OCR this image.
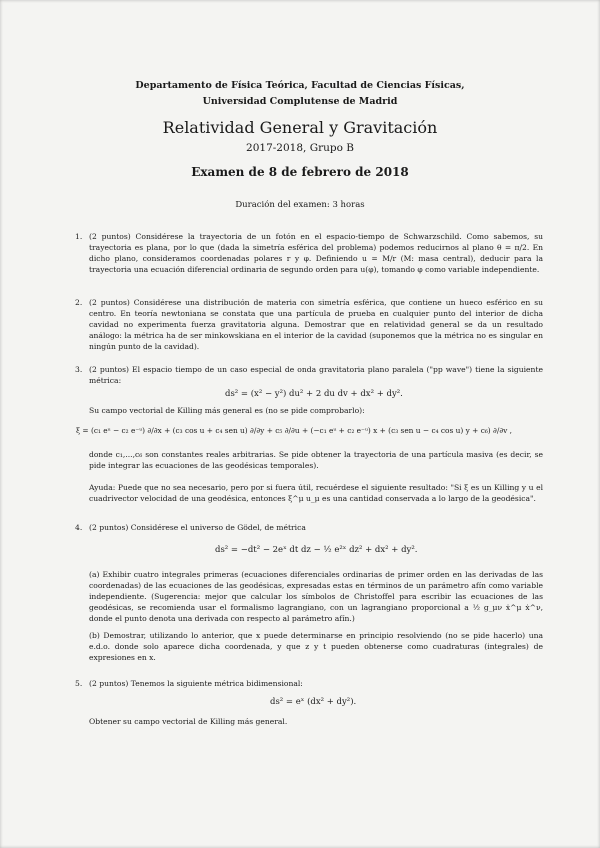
Departamento de Física Teórica, Facultad de Ciencias Físicas,
Universidad Complutense de Madrid
Relatividad General y Gravitación
2017-2018, Grupo B
Examen de 8 de febrero de 2018
Duración del examen: 3 horas
1. (2 puntos) Considérese la trayectoria de un fotón en el espacio-tiempo de Schwarzschild. Como sabemos, su trayectoria es plana, por lo que (dada la simetría esférica del problema) podemos reducirnos al plano θ = π/2. En dicho plano, consideramos coordenadas polares r y φ. Definiendo u = M/r (M: masa central), deducir para la trayectoria una ecuación diferencial ordinaria de segundo orden para u(φ), tomando φ como variable independiente.
2. (2 puntos) Considérese una distribución de materia con simetría esférica, que contiene un hueco esférico en su centro. En teoría newtoniana se constata que una partícula de prueba en cualquier punto del interior de dicha cavidad no experimenta fuerza gravitatoria alguna. Demostrar que en relatividad general se da un resultado análogo: la métrica ha de ser minkowskiana en el interior de la cavidad (suponemos que la métrica no es singular en ningún punto de la cavidad).
3. (2 puntos) El espacio tiempo de un caso especial de onda gravitatoria plano paralela ("pp wave") tiene la siguiente métrica:
ds² = (x² − y²) du² + 2 du dv + dx² + dy².
Su campo vectorial de Killing más general es (no se pide comprobarlo):
ξ = (c₁ eᵘ − c₂ e⁻ᵘ) ∂/∂x + (c₃ cos u + c₄ sen u) ∂/∂y + c₅ ∂/∂u + (−c₁ eᵘ + c₂ e⁻ᵘ) x + (c₃ sen u − c₄ cos u) y + c₆) ∂/∂v ,
donde c₁,...,c₆ son constantes reales arbitrarias. Se pide obtener la trayectoria de una partícula masiva (es decir, se pide integrar las ecuaciones de las geodésicas temporales).
Ayuda: Puede que no sea necesario, pero por si fuera útil, recuérdese el siguiente resultado: "Si ξ es un Killing y u el cuadrivector velocidad de una geodésica, entonces ξ^μ u_μ es una cantidad conservada a lo largo de la geodésica".
4. (2 puntos) Considérese el universo de Gödel, de métrica
ds² = −dt² − 2eˣ dt dz − ½ e²ˣ dz² + dx² + dy².
(a) Exhibir cuatro integrales primeras (ecuaciones diferenciales ordinarias de primer orden en las derivadas de las coordenadas) de las ecuaciones de las geodésicas, expresadas estas en términos de un parámetro afín como variable independiente. (Sugerencia: mejor que calcular los símbolos de Christoffel para escribir las ecuaciones de las geodésicas, se recomienda usar el formalismo lagrangiano, con un lagrangiano proporcional a ½ g_μν ẋ^μ ẋ^ν, donde el punto denota una derivada con respecto al parámetro afín.)
(b) Demostrar, utilizando lo anterior, que x puede determinarse en principio resolviendo (no se pide hacerlo) una e.d.o. donde solo aparece dicha coordenada, y que z y t pueden obtenerse como cuadraturas (integrales) de expresiones en x.
5. (2 puntos) Tenemos la siguiente métrica bidimensional:
ds² = eˣ (dx² + dy²).
Obtener su campo vectorial de Killing más general.
